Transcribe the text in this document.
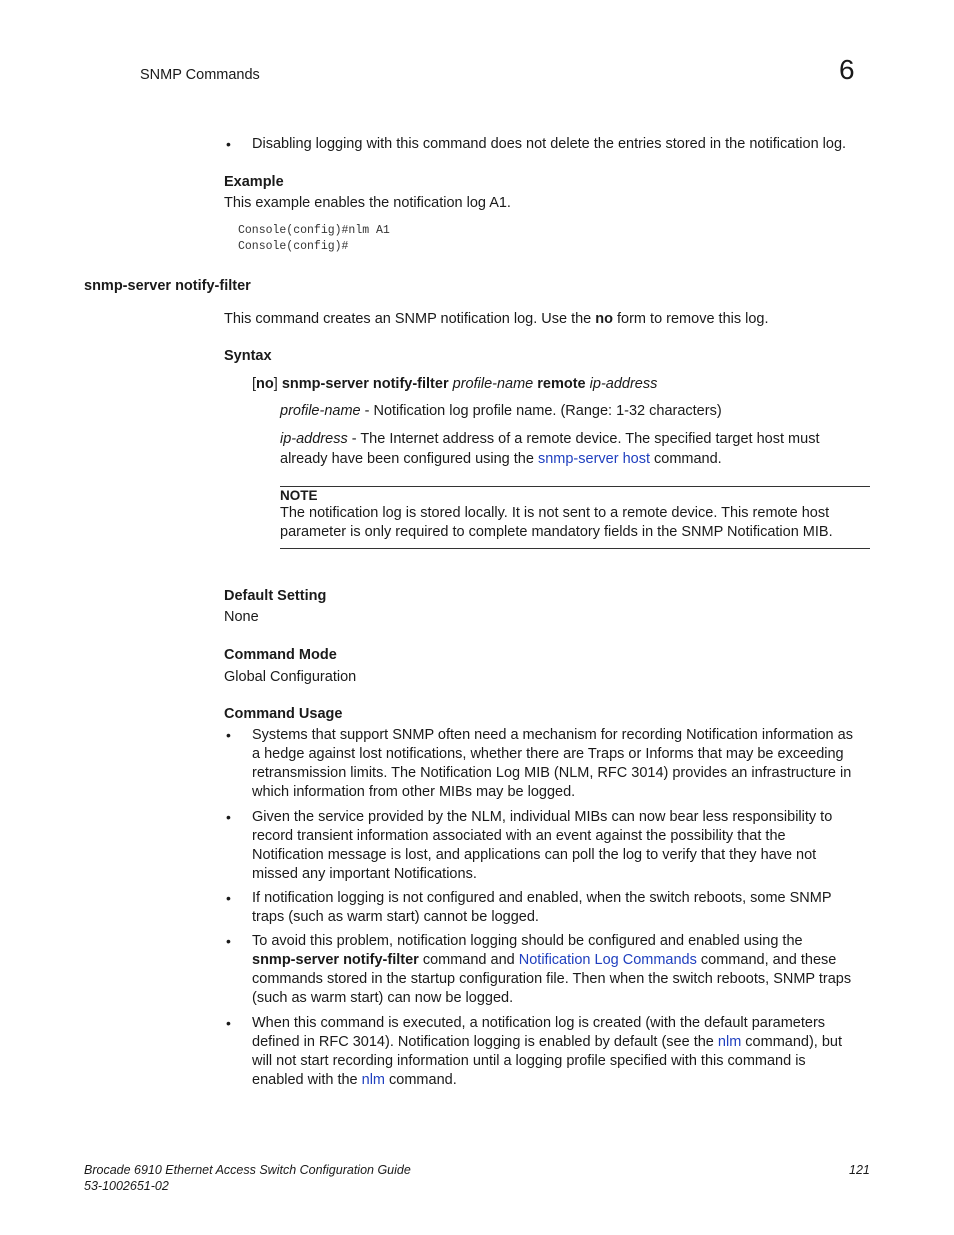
SNMP Commands	6
• Disabling logging with this command does not delete the entries stored in the notification log.
Example
This example enables the notification log A1.
Console(config)#nlm A1
Console(config)#
snmp-server notify-filter
This command creates an SNMP notification log. Use the no form to remove this log.
Syntax
[no] snmp-server notify-filter profile-name remote ip-address
profile-name - Notification log profile name. (Range: 1-32 characters)
ip-address - The Internet address of a remote device. The specified target host must
already have been configured using the snmp-server host command.
NOTE
The notification log is stored locally. It is not sent to a remote device. This remote host
parameter is only required to complete mandatory fields in the SNMP Notification MIB.
Default Setting
None
Command Mode
Global Configuration
Command Usage
• Systems that support SNMP often need a mechanism for recording Notification information as
a hedge against lost notifications, whether there are Traps or Informs that may be exceeding
retransmission limits. The Notification Log MIB (NLM, RFC 3014) provides an infrastructure in
which information from other MIBs may be logged.
• Given the service provided by the NLM, individual MIBs can now bear less responsibility to
record transient information associated with an event against the possibility that the
Notification message is lost, and applications can poll the log to verify that they have not
missed any important Notifications.
• If notification logging is not configured and enabled, when the switch reboots, some SNMP
traps (such as warm start) cannot be logged.
• To avoid this problem, notification logging should be configured and enabled using the
snmp-server notify-filter command and Notification Log Commands command, and these
commands stored in the startup configuration file. Then when the switch reboots, SNMP traps
(such as warm start) can now be logged.
• When this command is executed, a notification log is created (with the default parameters
defined in RFC 3014). Notification logging is enabled by default (see the nlm command), but
will not start recording information until a logging profile specified with this command is
enabled with the nlm command.
Brocade 6910 Ethernet Access Switch Configuration Guide
53-1002651-02
121
